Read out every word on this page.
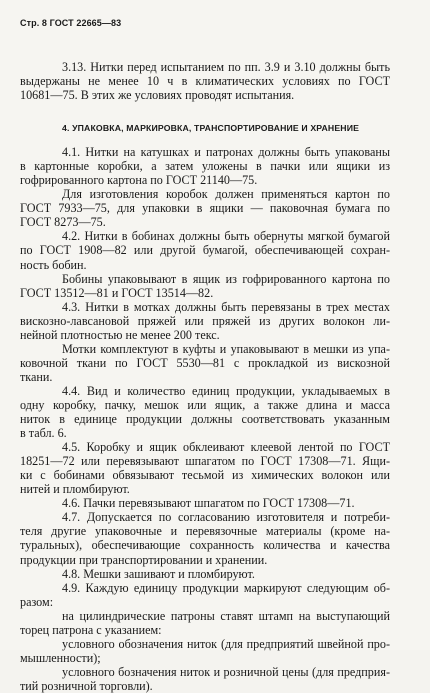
Стр. 8 ГОСТ 22665—83
3.13. Нитки перед испытанием по пп. 3.9 и 3.10 должны быть
выдержаны не менее 10 ч в климатических условиях по ГОСТ
10681—75. В этих же условиях проводят испытания.
4. УПАКОВКА, МАРКИРОВКА, ТРАНСПОРТИРОВАНИЕ И ХРАНЕНИЕ
4.1. Нитки на катушках и патронах должны быть упакованы
в картонные коробки, а затем уложены в пачки или ящики из
гофрированного картона по ГОСТ 21140—75.
Для изготовления коробок должен применяться картон по
ГОСТ 7933—75, для упаковки в ящики — паковочная бумага по
ГОСТ 8273—75.
4.2. Нитки в бобинах должны быть обернуты мягкой бумагой
по ГОСТ 1908—82 или другой бумагой, обеспечивающей сохран-
ность бобин.
Бобины упаковывают в ящик из гофрированного картона по
ГОСТ 13512—81 и ГОСТ 13514—82.
4.3. Нитки в мотках должны быть перевязаны в трех местах
вискозно-лавсановой пряжей или пряжей из других волокон ли-
нейной плотностью не менее 200 текс.
Мотки комплектуют в куфты и упаковывают в мешки из упа-
ковочной ткани по ГОСТ 5530—81 с прокладкой из вискозной
ткани.
4.4. Вид и количество единиц продукции, укладываемых в
одну коробку, пачку, мешок или ящик, а также длина и масса
ниток в единице продукции должны соответствовать указанным
в табл. 6.
4.5. Коробку и ящик обклеивают клеевой лентой по ГОСТ
18251—72 или перевязывают шпагатом по ГОСТ 17308—71. Ящи-
ки с бобинами обвязывают тесьмой из химических волокон или
нитей и пломбируют.
4.6. Пачки перевязывают шпагатом по ГОСТ 17308—71.
4.7. Допускается по согласованию изготовителя и потреби-
теля другие упаковочные и перевязочные материалы (кроме на-
туральных), обеспечивающие сохранность количества и качества
продукции при транспортировании и хранении.
4.8. Мешки зашивают и пломбируют.
4.9. Каждую единицу продукции маркируют следующим об-
разом:
на цилиндрические патроны ставят штамп на выступающий
торец патрона с указанием:
условного обозначения ниток (для предприятий швейной про-
мышленности);
условного бозначения ниток и розничной цены (для предприя-
тий розничной торговли).
